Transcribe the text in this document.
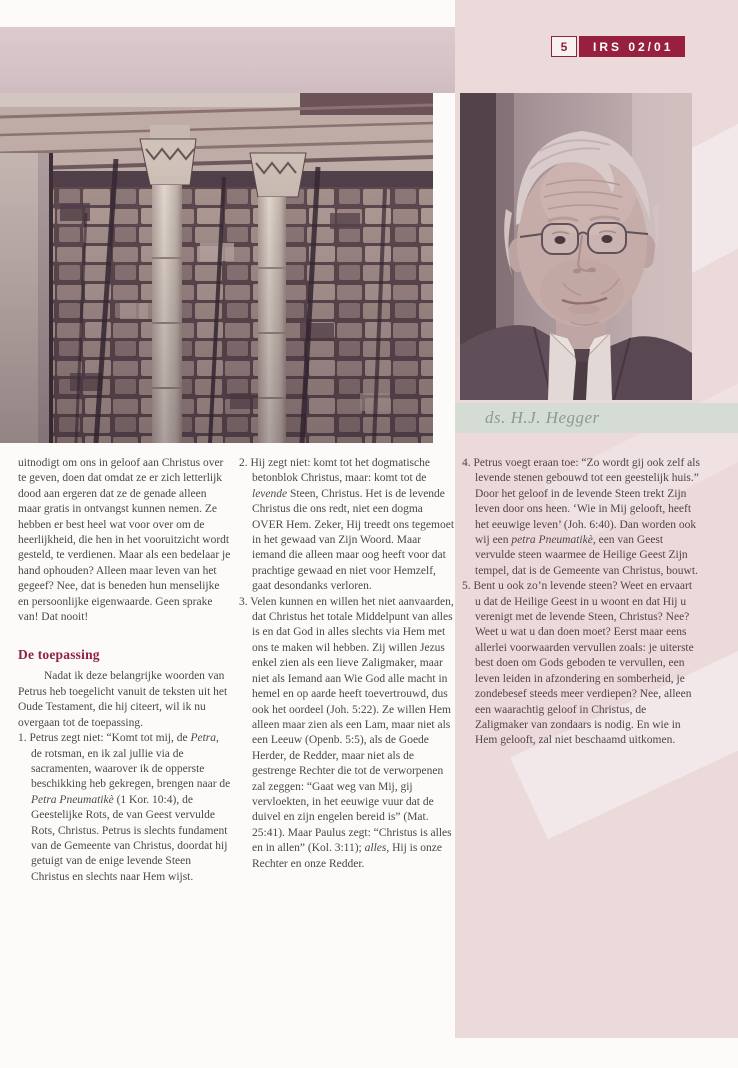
5	IRS 02/01
ds. H.J. Hegger

uitnodigt om ons in geloof aan Christus over te geven, doen dat omdat ze er zich letterlijk dood aan ergeren dat ze de genade alleen maar gratis in ontvangst kunnen nemen. Ze hebben er best heel wat voor over om de heerlijkheid, die hen in het vooruitzicht wordt gesteld, te verdienen. Maar als een bedelaar je hand ophouden? Alleen maar leven van het gegeef? Nee, dat is beneden hun menselijke en persoonlijke eigenwaarde. Geen sprake van! Dat nooit!

De toepassing

Nadat ik deze belangrijke woorden van Petrus heb toegelicht vanuit de teksten uit het Oude Testament, die hij citeert, wil ik nu overgaan tot de toepassing.

1. Petrus zegt niet: “Komt tot mij, de Petra, de rotsman, en ik zal jullie via de sacramenten, waarover ik de opperste beschikking heb gekregen, brengen naar de Petra Pneumatikè (1 Kor. 10:4), de Geestelijke Rots, de van Geest vervulde Rots, Christus. Petrus is slechts fundament van de Gemeente van Christus, doordat hij getuigt van de enige levende Steen Christus en slechts naar Hem wijst.

2. Hij zegt niet: komt tot het dogmatische betonblok Christus, maar: komt tot de levende Steen, Christus. Het is de levende Christus die ons redt, niet een dogma OVER Hem. Zeker, Hij treedt ons tegemoet in het gewaad van Zijn Woord. Maar iemand die alleen maar oog heeft voor dat prachtige gewaad en niet voor Hemzelf, gaat desondanks verloren.

3. Velen kunnen en willen het niet aanvaarden, dat Christus het totale Middelpunt van alles is en dat God in alles slechts via Hem met ons te maken wil hebben. Zij willen Jezus enkel zien als een lieve Zaligmaker, maar niet als Iemand aan Wie God alle macht in hemel en op aarde heeft toevertrouwd, dus ook het oordeel (Joh. 5:22). Ze willen Hem alleen maar zien als een Lam, maar niet als een Leeuw (Openb. 5:5), als de Goede Herder, de Redder, maar niet als de gestrenge Rechter die tot de verworpenen zal zeggen: “Gaat weg van Mij, gij vervloekten, in het eeuwige vuur dat de duivel en zijn engelen bereid is” (Mat. 25:41). Maar Paulus zegt: “Christus is alles en in allen” (Kol. 3:11); alles, Hij is onze Rechter en onze Redder.

4. Petrus voegt eraan toe: “Zo wordt gij ook zelf als levende stenen gebouwd tot een geestelijk huis.” Door het geloof in de levende Steen trekt Zijn leven door ons heen. ‘Wie in Mij gelooft, heeft het eeuwige leven’ (Joh. 6:40). Dan worden ook wij een petra Pneumatikè, een van Geest vervulde steen waarmee de Heilige Geest Zijn tempel, dat is de Gemeente van Christus, bouwt.

5. Bent u ook zo’n levende steen? Weet en ervaart u dat de Heilige Geest in u woont en dat Hij u verenigt met de levende Steen, Christus? Nee? Weet u wat u dan doen moet? Eerst maar eens allerlei voorwaarden vervullen zoals: je uiterste best doen om Gods geboden te vervullen, een leven leiden in afzondering en somberheid, je zondebesef steeds meer verdiepen? Nee, alleen een waarachtig geloof in Christus, de Zaligmaker van zondaars is nodig. En wie in Hem gelooft, zal niet beschaamd uitkomen.
